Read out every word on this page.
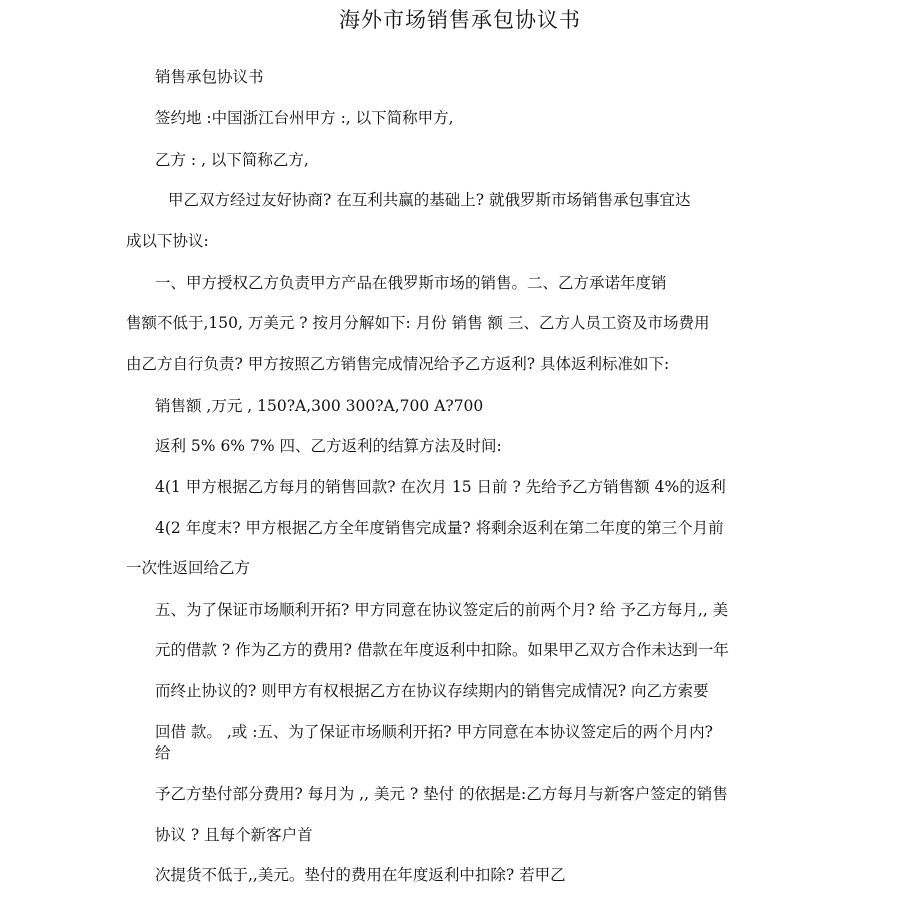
海外市场销售承包协议书
销售承包协议书
签约地 :中国浙江台州甲方 :, 以下简称甲方,
乙方 : , 以下简称乙方,
甲乙双方经过友好协商? 在互利共赢的基础上? 就俄罗斯市场销售承包事宜达
成以下协议:
一、甲方授权乙方负责甲方产品在俄罗斯市场的销售。二、乙方承诺年度销
售额不低于,150, 万美元 ? 按月分解如下: 月份 销售 额 三、乙方人员工资及市场费用
由乙方自行负责? 甲方按照乙方销售完成情况给予乙方返利? 具体返利标准如下:
销售额 ,万元 , 150?A,300 300?A,700 A?700
返利 5% 6% 7% 四、乙方返利的结算方法及时间:
4(1 甲方根据乙方每月的销售回款? 在次月 15 日前 ? 先给予乙方销售额 4%的返利
4(2 年度末? 甲方根据乙方全年度销售完成量? 将剩余返利在第二年度的第三个月前
一次性返回给乙方
五、为了保证市场顺利开拓? 甲方同意在协议签定后的前两个月? 给 予乙方每月,, 美
元的借款 ? 作为乙方的费用? 借款在年度返利中扣除。如果甲乙双方合作未达到一年
而终止协议的? 则甲方有权根据乙方在协议存续期内的销售完成情况? 向乙方索要
回借 款。 ,或 :五、为了保证市场顺利开拓? 甲方同意在本协议签定后的两个月内?
给
予乙方垫付部分费用? 每月为 ,, 美元 ? 垫付 的依据是:乙方每月与新客户签定的销售
协议 ? 且每个新客户首
次提货不低于,,美元。垫付的费用在年度返利中扣除? 若甲乙
